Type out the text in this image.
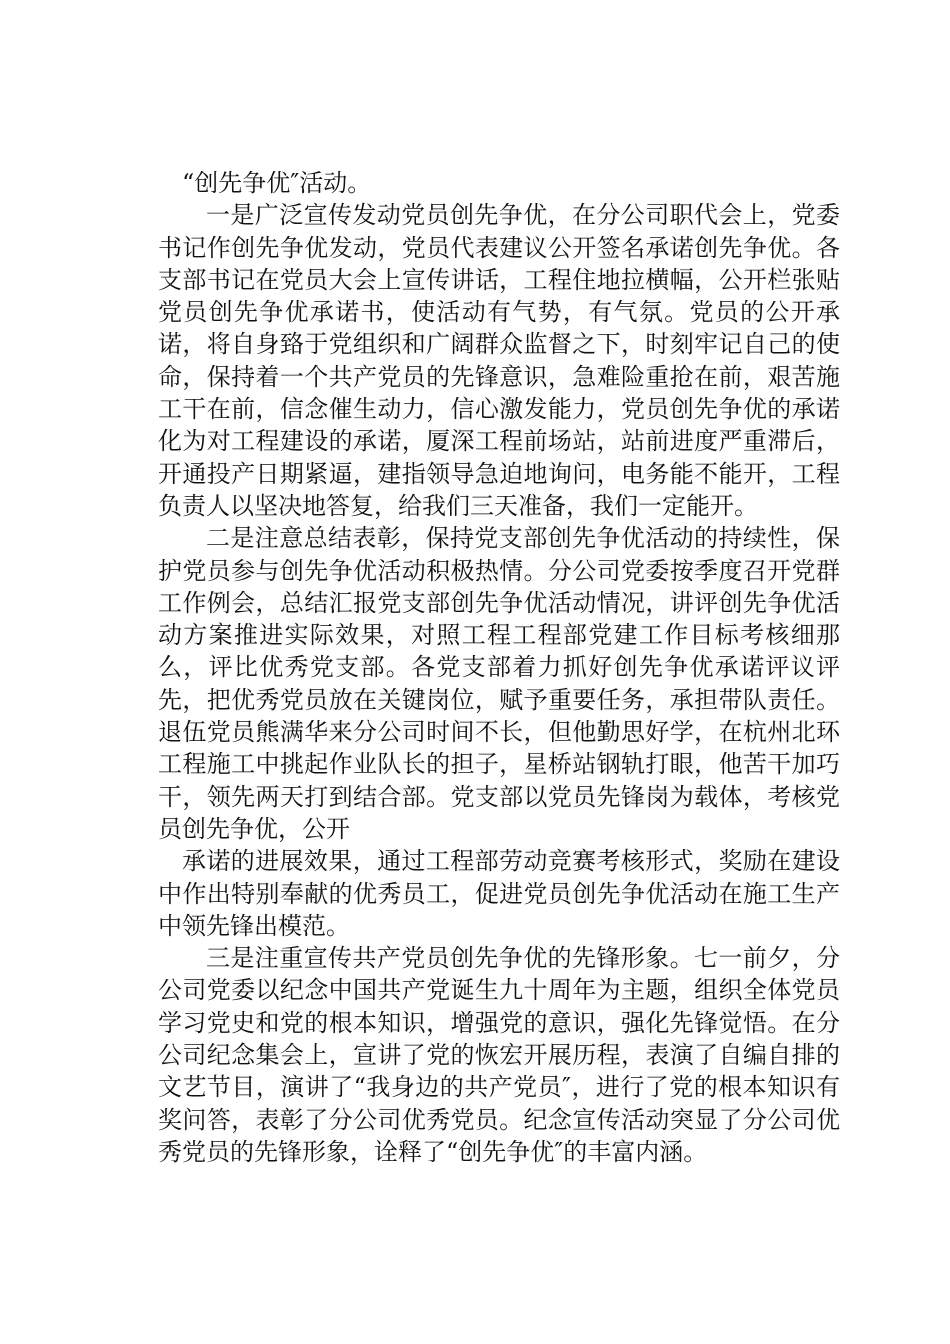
“创先争优″活动。

一是广泛宣传发动党员创先争优，在分公司职代会上，党委书记作创先争优发动，党员代表建议公开签名承诺创先争优。各支部书记在党员大会上宣传讲话，工程住地拉横幅，公开栏张贴党员创先争优承诺书，使活动有气势，有气氛。党员的公开承诺，将自身臵于党组织和广阔群众监督之下，时刻牢记自己的使命，保持着一个共产党员的先锋意识，急难险重抢在前，艰苦施工干在前，信念催生动力，信心激发能力，党员创先争优的承诺化为对工程建设的承诺，厦深工程前场站，站前进度严重滞后，开通投产日期紧逼，建指领导急迫地询问，电务能不能开，工程负责人以坚决地答复，给我们三天准备，我们一定能开。

二是注意总结表彰，保持党支部创先争优活动的持续性，保护党员参与创先争优活动积极热情。分公司党委按季度召开党群工作例会，总结汇报党支部创先争优活动情况，讲评创先争优活动方案推进实际效果，对照工程工程部党建工作目标考核细那么，评比优秀党支部。各党支部着力抓好创先争优承诺评议评先，把优秀党员放在关键岗位，赋予重要任务，承担带队责任。退伍党员熊满华来分公司时间不长，但他勤思好学，在杭州北环工程施工中挑起作业队长的担子，星桥站钢轨打眼，他苦干加巧干，领先两天打到结合部。党支部以党员先锋岗为载体，考核党员创先争优，公开

承诺的进展效果，通过工程部劳动竞赛考核形式，奖励在建设中作出特别奉献的优秀员工，促进党员创先争优活动在施工生产中领先锋出模范。

三是注重宣传共产党员创先争优的先锋形象。七一前夕，分公司党委以纪念中国共产党诞生九十周年为主题，组织全体党员学习党史和党的根本知识，增强党的意识，强化先锋觉悟。在分公司纪念集会上，宣讲了党的恢宏开展历程，表演了自编自排的文艺节目，演讲了“我身边的共产党员″，进行了党的根本知识有奖问答，表彰了分公司优秀党员。纪念宣传活动突显了分公司优秀党员的先锋形象，诠释了“创先争优″的丰富内涵。
